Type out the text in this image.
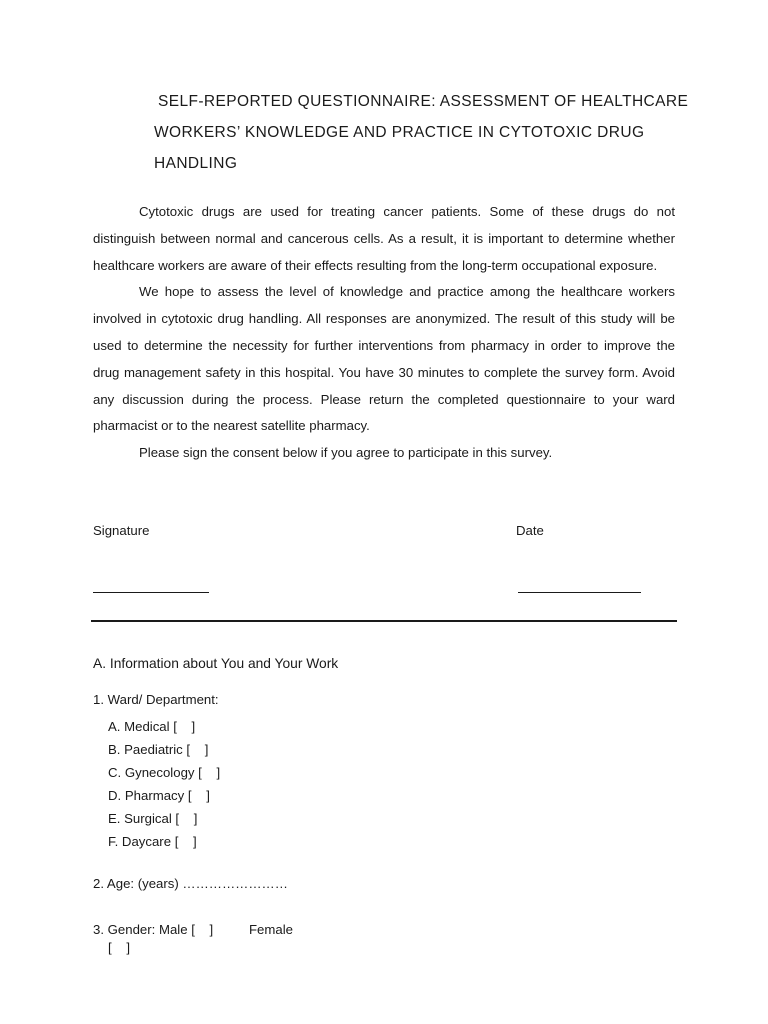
SELF-REPORTED QUESTIONNAIRE: ASSESSMENT OF HEALTHCARE
WORKERS’ KNOWLEDGE AND PRACTICE IN CYTOTOXIC DRUG
HANDLING

Cytotoxic drugs are used for treating cancer patients. Some of these drugs do not distinguish between normal and cancerous cells. As a result, it is important to determine whether healthcare workers are aware of their effects resulting from the long-term occupational exposure.

We hope to assess the level of knowledge and practice among the healthcare workers involved in cytotoxic drug handling. All responses are anonymized. The result of this study will be used to determine the necessity for further interventions from pharmacy in order to improve the drug management safety in this hospital. You have 30 minutes to complete the survey form. Avoid any discussion during the process. Please return the completed questionnaire to your ward pharmacist or to the nearest satellite pharmacy.

Please sign the consent below if you agree to participate in this survey.

Signature	Date
A. Information about You and Your Work
1. Ward/ Department:
A. Medical [    ]
B. Paediatric [    ]
C. Gynecology [    ]
D. Pharmacy [    ]
E. Surgical [    ]
F. Daycare [    ]
2. Age: (years) ……………………
3. Gender: Male [    ]	Female
[    ]
